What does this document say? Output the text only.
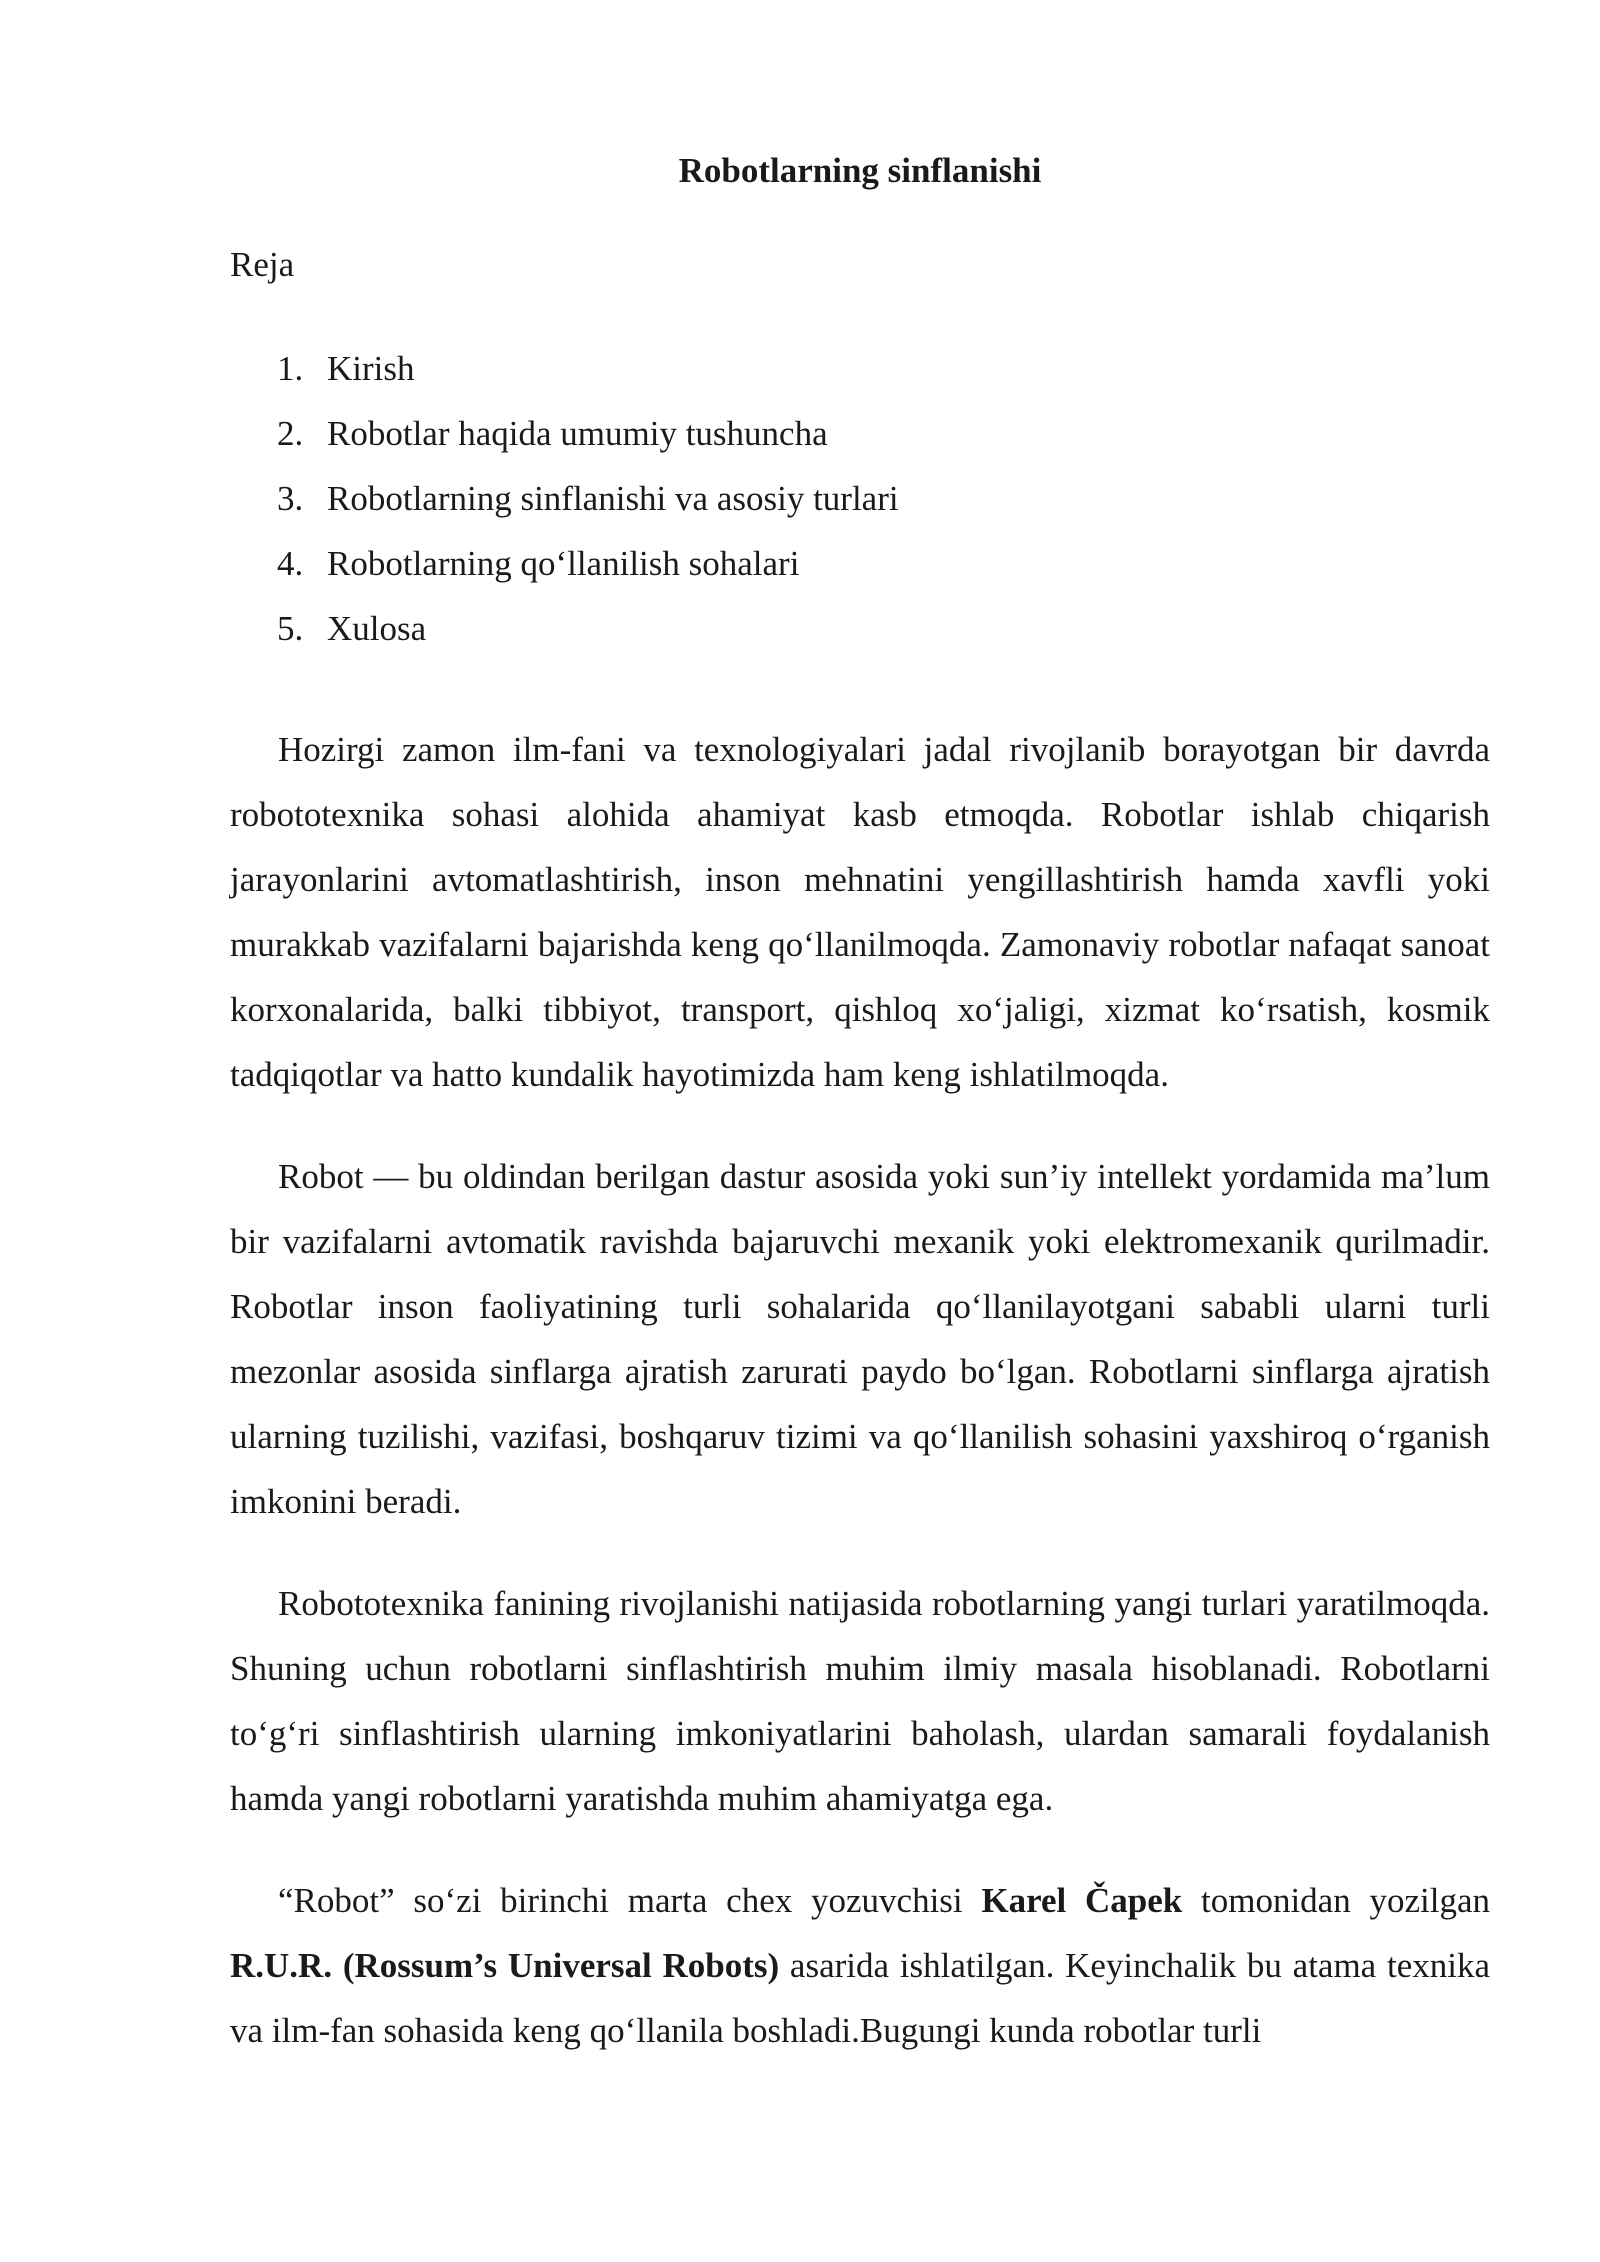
Robotlarning sinflanishi
Reja
1. Kirish
2. Robotlar haqida umumiy tushuncha
3. Robotlarning sinflanishi va asosiy turlari
4. Robotlarning qo‘llanilish sohalari
5. Xulosa

Hozirgi zamon ilm-fani va texnologiyalari jadal rivojlanib borayotgan bir davrda robototexnika sohasi alohida ahamiyat kasb etmoqda. Robotlar ishlab chiqarish jarayonlarini avtomatlashtirish, inson mehnatini yengillashtirish hamda xavfli yoki murakkab vazifalarni bajarishda keng qo‘llanilmoqda. Zamonaviy robotlar nafaqat sanoat korxonalarida, balki tibbiyot, transport, qishloq xo‘jaligi, xizmat ko‘rsatish, kosmik tadqiqotlar va hatto kundalik hayotimizda ham keng ishlatilmoqda.

Robot — bu oldindan berilgan dastur asosida yoki sun’iy intellekt yordamida ma’lum bir vazifalarni avtomatik ravishda bajaruvchi mexanik yoki elektromexanik qurilmadir. Robotlar inson faoliyatining turli sohalarida qo‘llanilayotgani sababli ularni turli mezonlar asosida sinflarga ajratish zarurati paydo bo‘lgan. Robotlarni sinflarga ajratish ularning tuzilishi, vazifasi, boshqaruv tizimi va qo‘llanilish sohasini yaxshiroq o‘rganish imkonini beradi.

Robototexnika fanining rivojlanishi natijasida robotlarning yangi turlari yaratilmoqda. Shuning uchun robotlarni sinflashtirish muhim ilmiy masala hisoblanadi. Robotlarni to‘g‘ri sinflashtirish ularning imkoniyatlarini baholash, ulardan samarali foydalanish hamda yangi robotlarni yaratishda muhim ahamiyatga ega.

“Robot” so‘zi birinchi marta chex yozuvchisi Karel Čapek tomonidan yozilgan R.U.R. (Rossum’s Universal Robots) asarida ishlatilgan. Keyinchalik bu atama texnika va ilm-fan sohasida keng qo‘llanila boshladi.Bugungi kunda robotlar turli
